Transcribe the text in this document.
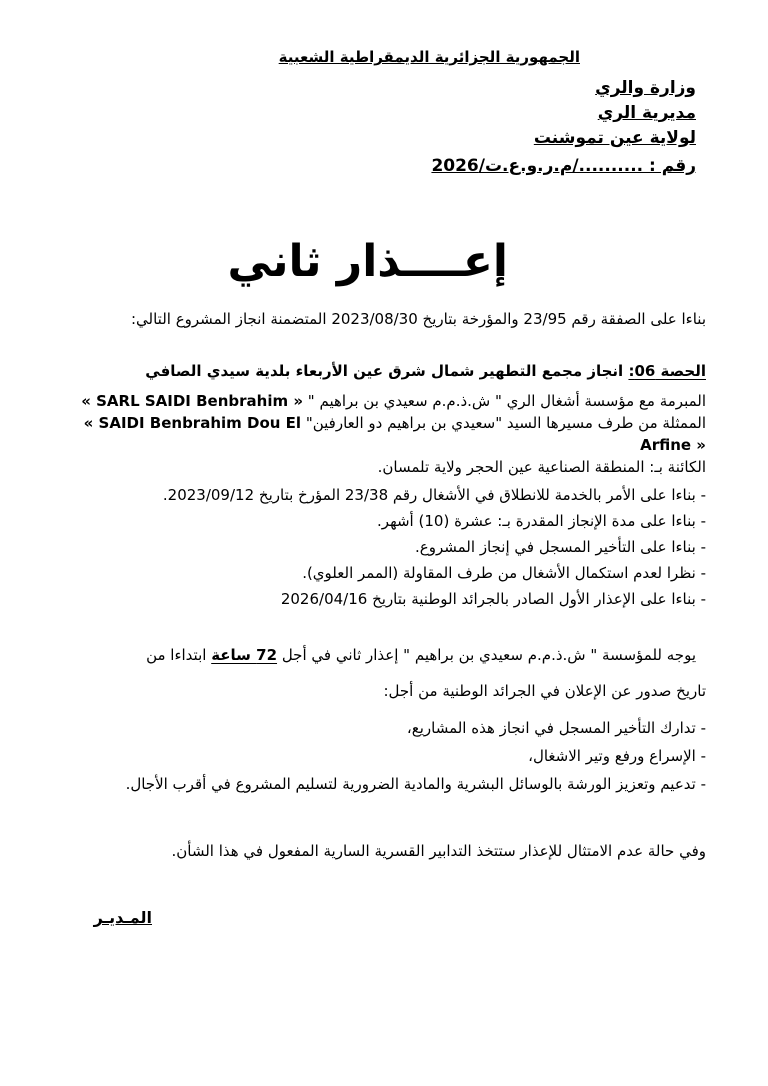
الجمهورية الجزائرية الديمقراطية الشعبية
وزارة والري
مديرية الري
لولاية عين تموشنت
رقم : ........../م.ر.و.ع.ت/2026
إعــــذار ثاني
بناءا على الصفقة رقم 23/95 والمؤرخة بتاريخ 2023/08/30 المتضمنة انجاز المشروع التالي:
الحصة 06: انجاز مجمع التطهير شمال شرق عين الأربعاء بلدية سيدي الصافي
المبرمة مع مؤسسة أشغال الري " ش.ذ.م.م سعيدي بن براهيم " « SARL SAIDI Benbrahim »
الممثلة من طرف مسيرها السيد "سعيدي بن براهيم دو العارفين" « SAIDI Benbrahim Dou El Arfine »
الكائنة بـ: المنطقة الصناعية عين الحجر ولاية تلمسان.
- بناءا على الأمر بالخدمة للانطلاق في الأشغال رقم 23/38 المؤرخ بتاريخ 2023/09/12.
- بناءا على مدة الإنجاز المقدرة بـ: عشرة (10) أشهر.
- بناءا على التأخير المسجل في إنجاز المشروع.
- نظرا لعدم استكمال الأشغال من طرف المقاولة (الممر العلوي).
- بناءا على الإعذار الأول الصادر بالجرائد الوطنية بتاريخ 2026/04/16
يوجه للمؤسسة " ش.ذ.م.م سعيدي بن براهيم " إعذار ثاني في أجل 72 ساعة ابتداءا من
تاريخ صدور عن الإعلان في الجرائد الوطنية من أجل:
- تدارك التأخير المسجل في انجاز هذه المشاريع،
- الإسراع ورفع وتير الاشغال،
- تدعيم وتعزيز الورشة بالوسائل البشرية والمادية الضرورية لتسليم المشروع في أقرب الأجال.
وفي حالة عدم الامتثال للإعذار ستتخذ التدابير القسرية السارية المفعول في هذا الشأن.
المـديـر
